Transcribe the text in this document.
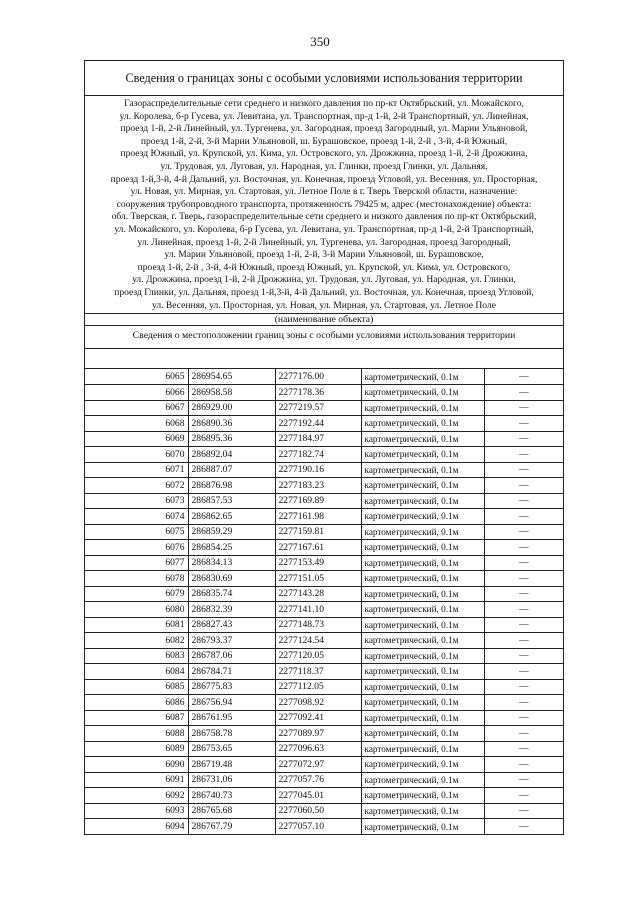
350
Сведения о границах зоны с особыми условиями использования территории
Газораспределительные сети среднего и низкого давления по пр-кт Октябрьский, ул. Можайского,
ул. Королева, б-р Гусева, ул. Левитана, ул. Транспортная, пр-д 1-й, 2-й Транспортный, ул. Линейная,
проезд 1-й, 2-й Линейный, ул. Тургенева, ул. Загородная, проезд Загородный, ул. Марии Ульяновой,
проезд 1-й, 2-й, 3-й Марии Ульяновой, ш. Бурашовское, проезд 1-й, 2-й , 3-й, 4-й Южный,
проезд Южный, ул. Крупской, ул. Кима, ул. Островского, ул. Дрожжина, проезд 1-й, 2-й Дрожжина,
ул. Трудовая, ул. Луговая, ул. Народная, ул. Глинки, проезд Глинки, ул. Дальняя,
проезд 1-й,3-й, 4-й Дальний, ул. Восточная, ул. Конечная, проезд Угловой, ул. Весенняя, ул. Просторная,
ул. Новая, ул. Мирная, ул. Стартовая, ул. Летное Поле в г. Тверь Тверской области, назначение:
сооружения трубопроводного транспорта, протяженность 79425 м, адрес (местонахождение) объекта:
обл. Тверская, г. Тверь, газораспределительные сети среднего и низкого давления по пр-кт Октябрьский,
ул. Можайского, ул. Королева, б-р Гусева, ул. Левитана, ул. Транспортная, пр-д 1-й, 2-й Транспортный,
ул. Линейная, проезд 1-й, 2-й Линейный, ул. Тургенева, ул. Загородная, проезд Загородный,
ул. Марии Ульяновой, проезд 1-й, 2-й, 3-й Марии Ульяновой, ш. Бурашовское,
проезд 1-й, 2-й , 3-й, 4-й Южный, проезд Южный, ул. Крупской, ул. Кима, ул. Островского,
ул. Дрожжина, проезд 1-й, 2-й Дрожжина, ул. Трудовая, ул. Луговая, ул. Народная, ул. Глинки,
проезд Глинки, ул. Дальняя, проезд 1-й,3-й, 4-й Дальний, ул. Восточная, ул. Конечная, проезд Угловой,
ул. Весенняя, ул. Просторная, ул. Новая, ул. Мирная, ул. Стартовая, ул. Летное Поле
(наименование объекта)
Сведения о местоположении границ зоны с особыми условиями использования территории
6065	286954.65	2277176.00	картометрический, 0.1м	—
6066	286958.58	2277178.36	картометрический, 0.1м	—
6067	286929.00	2277219.57	картометрический, 0.1м	—
6068	286890.36	2277192.44	картометрический, 0.1м	—
6069	286895.36	2277184.97	картометрический, 0.1м	—
6070	286892.04	2277182.74	картометрический, 0.1м	—
6071	286887.07	2277190.16	картометрический, 0.1м	—
6072	286876.98	2277183.23	картометрический, 0.1м	—
6073	286857.53	2277169.89	картометрический, 0.1м	—
6074	286862.65	2277161.98	картометрический, 0.1м	—
6075	286859.29	2277159.81	картометрический, 0.1м	—
6076	286854.25	2277167.61	картометрический, 0.1м	—
6077	286834.13	2277153.49	картометрический, 0.1м	—
6078	286830.69	2277151.05	картометрический, 0.1м	—
6079	286835.74	2277143.28	картометрический, 0.1м	—
6080	286832.39	2277141.10	картометрический, 0.1м	—
6081	286827.43	2277148.73	картометрический, 0.1м	—
6082	286793.37	2277124.54	картометрический, 0.1м	—
6083	286787.06	2277120.05	картометрический, 0.1м	—
6084	286784.71	2277118.37	картометрический, 0.1м	—
6085	286775.83	2277112.05	картометрический, 0.1м	—
6086	286756.94	2277098.92	картометрический, 0.1м	—
6087	286761.95	2277092.41	картометрический, 0.1м	—
6088	286758.78	2277089.97	картометрический, 0.1м	—
6089	286753.65	2277096.63	картометрический, 0.1м	—
6090	286719.48	2277072.97	картометрический, 0.1м	—
6091	286731.06	2277057.76	картометрический, 0.1м	—
6092	286740.73	2277045.01	картометрический, 0.1м	—
6093	286765.68	2277060.50	картометрический, 0.1м	—
6094	286767.79	2277057.10	картометрический, 0.1м	—
